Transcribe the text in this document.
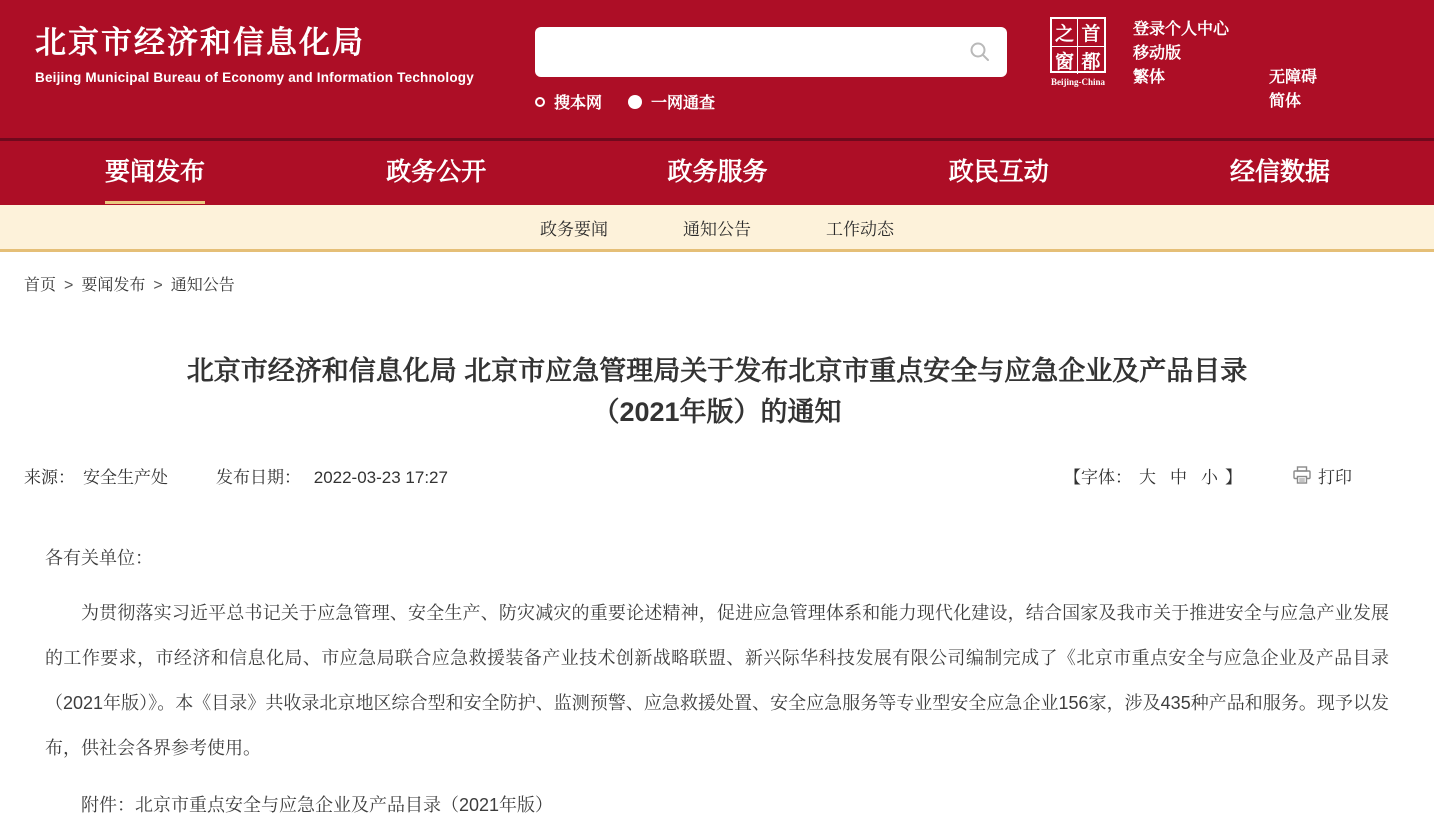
北京市经济和信息化局
Beijing Municipal Bureau of Economy and Information Technology
搜本网	一网通查
之 首
窗 都
Beijing-China
登录个人中心
移动版
繁体	无障碍
简体
要闻发布	政务公开	政务服务	政民互动	经信数据
政务要闻	通知公告	工作动态
首页 > 要闻发布 > 通知公告
北京市经济和信息化局 北京市应急管理局关于发布北京市重点安全与应急企业及产品目录
（2021年版）的通知
来源： 安全生产处	发布日期： 2022-03-23 17:27	【字体： 大 中 小 】	打印

各有关单位：

为贯彻落实习近平总书记关于应急管理、安全生产、防灾减灾的重要论述精神，促进应急管理体系和能力现代化建设，结合国家及我市关于推进安全与应急产业发展的工作要求，市经济和信息化局、市应急局联合应急救援装备产业技术创新战略联盟、新兴际华科技发展有限公司编制完成了《北京市重点安全与应急企业及产品目录（2021年版）》。本《目录》共收录北京地区综合型和安全防护、监测预警、应急救援处置、安全应急服务等专业型安全应急企业156家，涉及435种产品和服务。现予以发布，供社会各界参考使用。

附件：北京市重点安全与应急企业及产品目录（2021年版）
